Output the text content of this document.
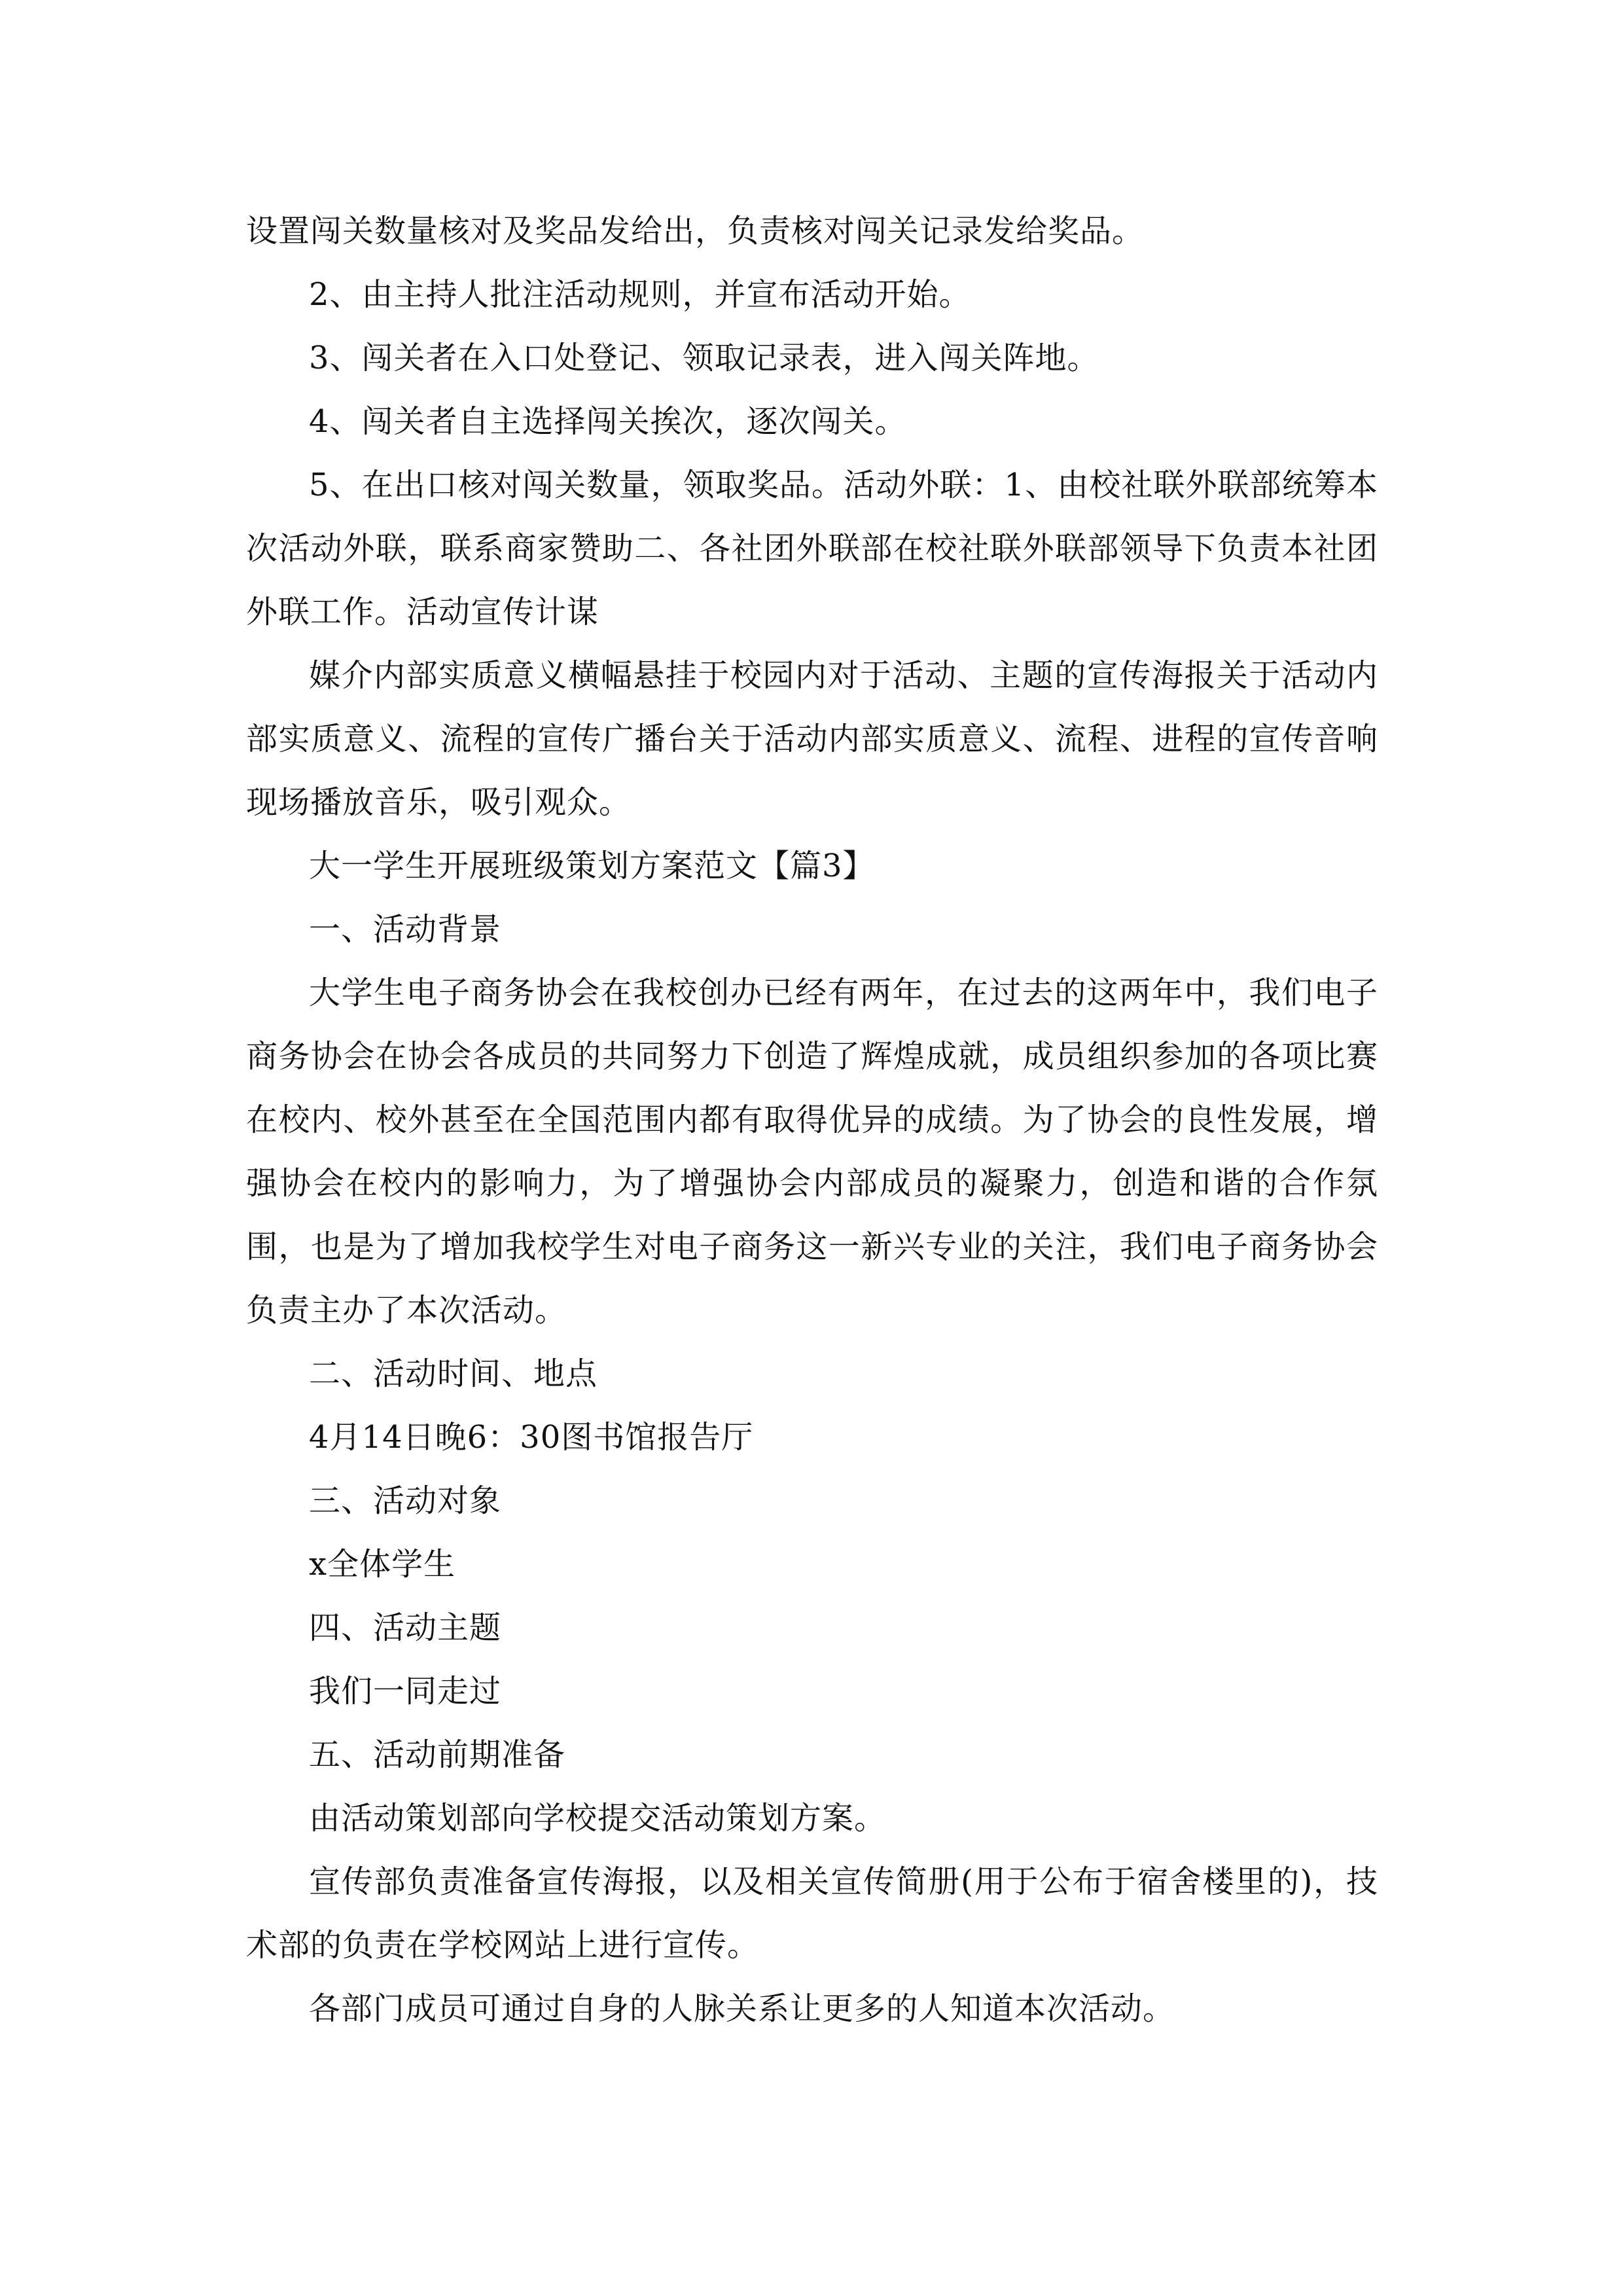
设置闯关数量核对及奖品发给出，负责核对闯关记录发给奖品。

2、由主持人批注活动规则，并宣布活动开始。

3、闯关者在入口处登记、领取记录表，进入闯关阵地。

4、闯关者自主选择闯关挨次，逐次闯关。

5、在出口核对闯关数量，领取奖品。活动外联：1、由校社联外联部统筹本次活动外联，联系商家赞助二、各社团外联部在校社联外联部领导下负责本社团外联工作。活动宣传计谋

媒介内部实质意义横幅悬挂于校园内对于活动、主题的宣传海报关于活动内部实质意义、流程的宣传广播台关于活动内部实质意义、流程、进程的宣传音响现场播放音乐，吸引观众。

大一学生开展班级策划方案范文【篇3】

一、活动背景

大学生电子商务协会在我校创办已经有两年，在过去的这两年中，我们电子商务协会在协会各成员的共同努力下创造了辉煌成就，成员组织参加的各项比赛在校内、校外甚至在全国范围内都有取得优异的成绩。为了协会的良性发展，增强协会在校内的影响力，为了增强协会内部成员的凝聚力，创造和谐的合作氛围，也是为了增加我校学生对电子商务这一新兴专业的关注，我们电子商务协会负责主办了本次活动。

二、活动时间、地点

4月14日晚6：30图书馆报告厅

三、活动对象

x全体学生

四、活动主题

我们一同走过

五、活动前期准备

由活动策划部向学校提交活动策划方案。

宣传部负责准备宣传海报，以及相关宣传简册(用于公布于宿舍楼里的)，技术部的负责在学校网站上进行宣传。

各部门成员可通过自身的人脉关系让更多的人知道本次活动。
